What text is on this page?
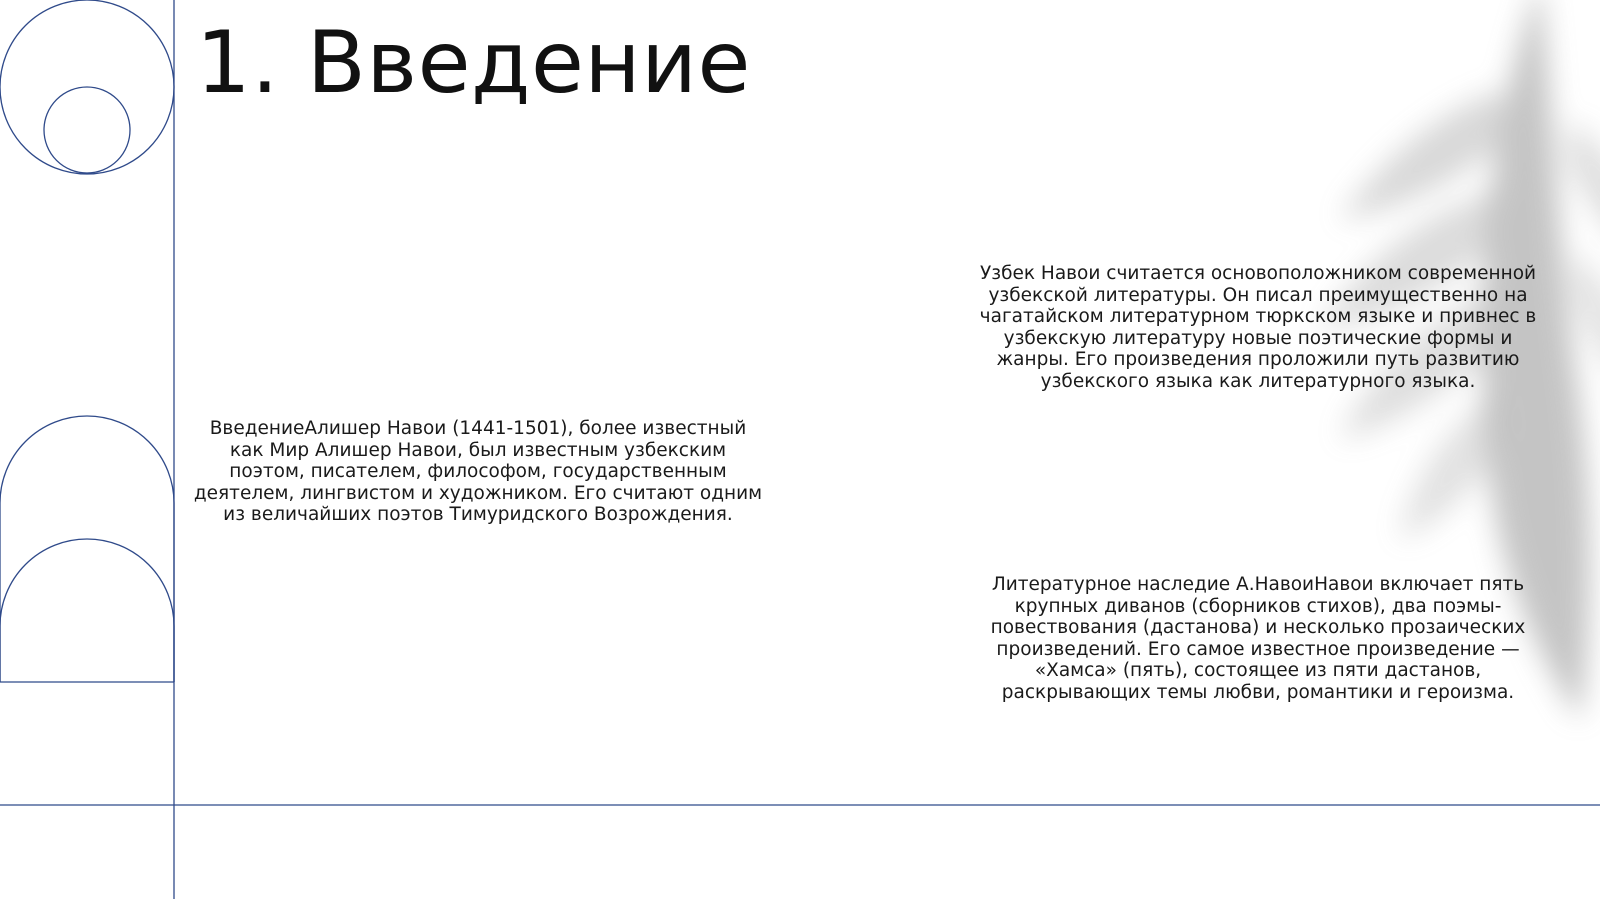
1. Введение

ВведениеАлишер Навои (1441-1501), более известный как Мир Алишер Навои, был известным узбекским поэтом, писателем, философом, государственным деятелем, лингвистом и художником. Его считают одним из величайших поэтов Тимуридского Возрождения.

Узбек Навои считается основоположником современной узбекской литературы. Он писал преимущественно на чагатайском литературном тюркском языке и привнес в узбекскую литературу новые поэтические формы и жанры. Его произведения проложили путь развитию узбекского языка как литературного языка.

Литературное наследие А.НавоиНавои включает пять крупных диванов (сборников стихов), два поэмы-повествования (дастанова) и несколько прозаических произведений. Его самое известное произведение — «Хамса» (пять), состоящее из пяти дастанов, раскрывающих темы любви, романтики и героизма.
